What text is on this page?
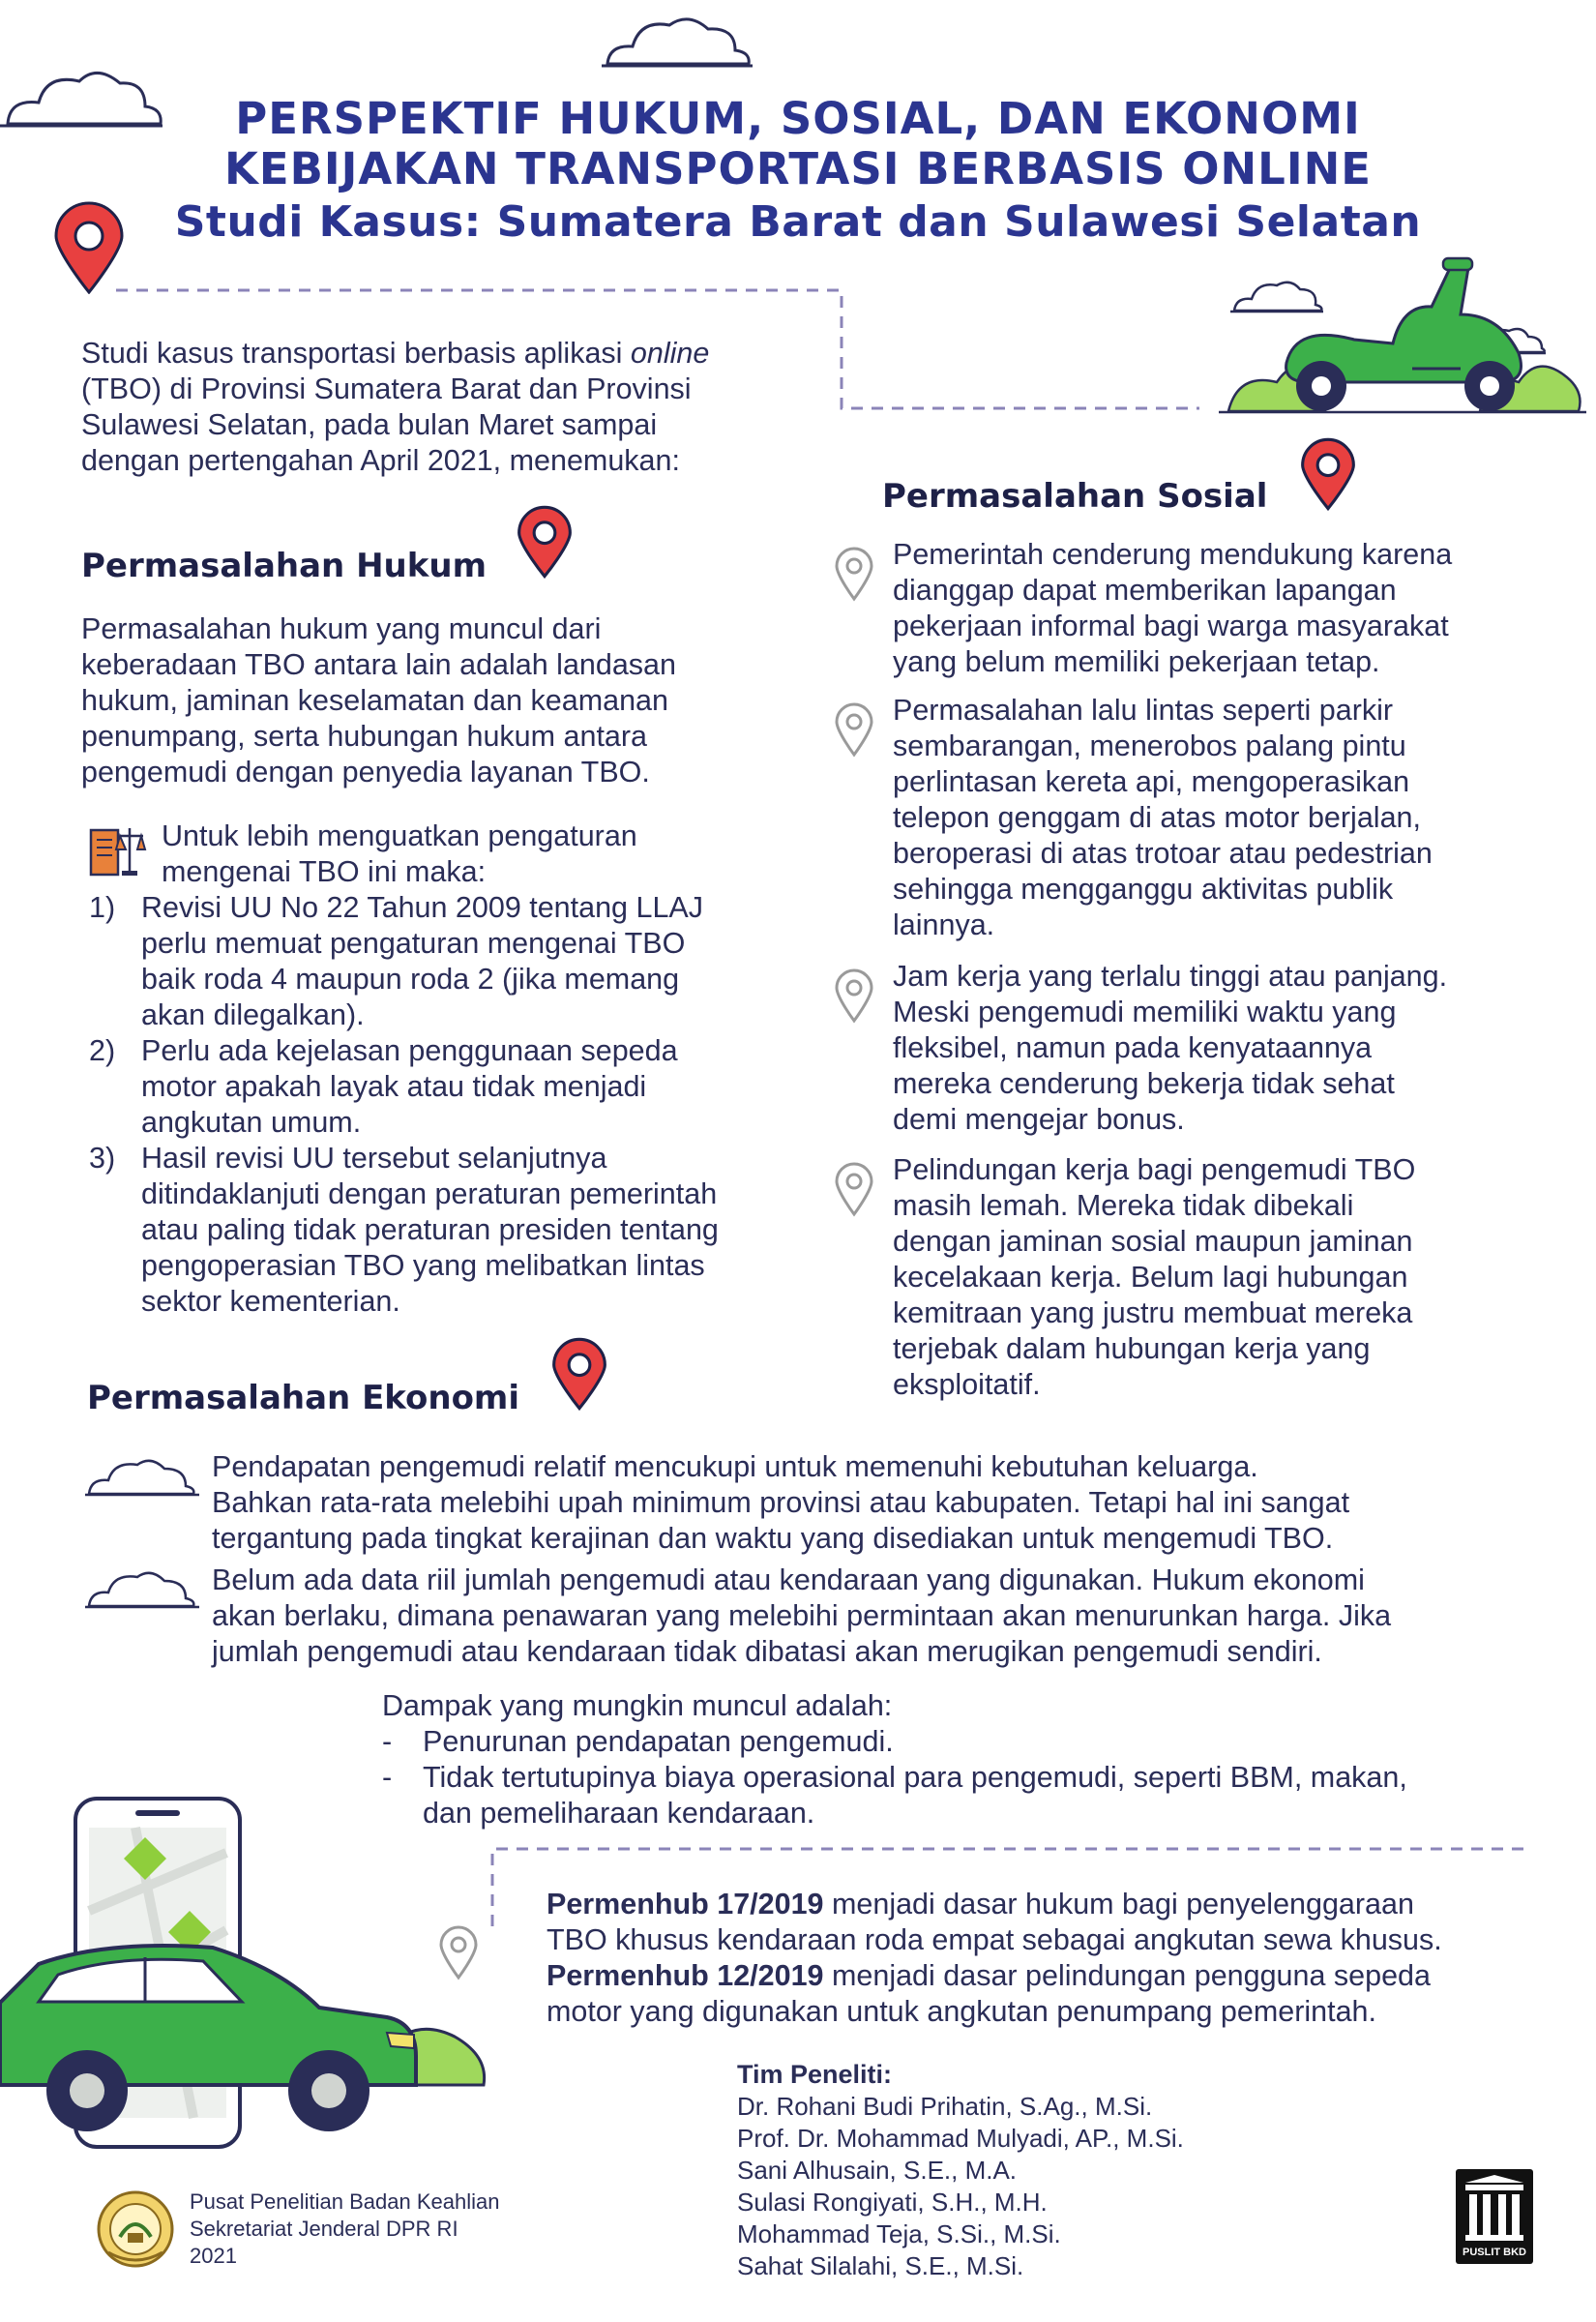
PERSPEKTIF HUKUM, SOSIAL, DAN EKONOMI
KEBIJAKAN TRANSPORTASI BERBASIS ONLINE
Studi Kasus: Sumatera Barat dan Sulawesi Selatan
Studi kasus transportasi berbasis aplikasi online
(TBO) di Provinsi Sumatera Barat dan Provinsi
Sulawesi Selatan, pada bulan Maret sampai
dengan pertengahan April 2021, menemukan:
Permasalahan Hukum
Permasalahan hukum yang muncul dari
keberadaan TBO antara lain adalah landasan
hukum, jaminan keselamatan dan keamanan
penumpang, serta hubungan hukum antara
pengemudi dengan penyedia layanan TBO.
Untuk lebih menguatkan pengaturan
mengenai TBO ini maka:
1) Revisi UU No 22 Tahun 2009 tentang LLAJ
perlu memuat pengaturan mengenai TBO
baik roda 4 maupun roda 2 (jika memang
akan dilegalkan).
2) Perlu ada kejelasan penggunaan sepeda
motor apakah layak atau tidak menjadi
angkutan umum.
3) Hasil revisi UU tersebut selanjutnya
ditindaklanjuti dengan peraturan pemerintah
atau paling tidak peraturan presiden tentang
pengoperasian TBO yang melibatkan lintas
sektor kementerian.
Permasalahan Sosial
Pemerintah cenderung mendukung karena
dianggap dapat memberikan lapangan
pekerjaan informal bagi warga masyarakat
yang belum memiliki pekerjaan tetap.
Permasalahan lalu lintas seperti parkir
sembarangan, menerobos palang pintu
perlintasan kereta api, mengoperasikan
telepon genggam di atas motor berjalan,
beroperasi di atas trotoar atau pedestrian
sehingga mengganggu aktivitas publik
lainnya.
Jam kerja yang terlalu tinggi atau panjang.
Meski pengemudi memiliki waktu yang
fleksibel, namun pada kenyataannya
mereka cenderung bekerja tidak sehat
demi mengejar bonus.
Pelindungan kerja bagi pengemudi TBO
masih lemah. Mereka tidak dibekali
dengan jaminan sosial maupun jaminan
kecelakaan kerja. Belum lagi hubungan
kemitraan yang justru membuat mereka
terjebak dalam hubungan kerja yang
eksploitatif.
Permasalahan Ekonomi
Pendapatan pengemudi relatif mencukupi untuk memenuhi kebutuhan keluarga.
Bahkan rata-rata melebihi upah minimum provinsi atau kabupaten. Tetapi hal ini sangat
tergantung pada tingkat kerajinan dan waktu yang disediakan untuk mengemudi TBO.
Belum ada data riil jumlah pengemudi atau kendaraan yang digunakan. Hukum ekonomi
akan berlaku, dimana penawaran yang melebihi permintaan akan menurunkan harga. Jika
jumlah pengemudi atau kendaraan tidak dibatasi akan merugikan pengemudi sendiri.
Dampak yang mungkin muncul adalah:
- Penurunan pendapatan pengemudi.
- Tidak tertutupinya biaya operasional para pengemudi, seperti BBM, makan,
dan pemeliharaan kendaraan.
Permenhub 17/2019 menjadi dasar hukum bagi penyelenggaraan
TBO khusus kendaraan roda empat sebagai angkutan sewa khusus.
Permenhub 12/2019 menjadi dasar pelindungan pengguna sepeda
motor yang digunakan untuk angkutan penumpang pemerintah.
Tim Peneliti:
Dr. Rohani Budi Prihatin, S.Ag., M.Si.
Prof. Dr. Mohammad Mulyadi, AP., M.Si.
Sani Alhusain, S.E., M.A.
Sulasi Rongiyati, S.H., M.H.
Mohammad Teja, S.Si., M.Si.
Sahat Silalahi, S.E., M.Si.
Pusat Penelitian Badan Keahlian
Sekretariat Jenderal DPR RI
2021	PUSLIT BKD
